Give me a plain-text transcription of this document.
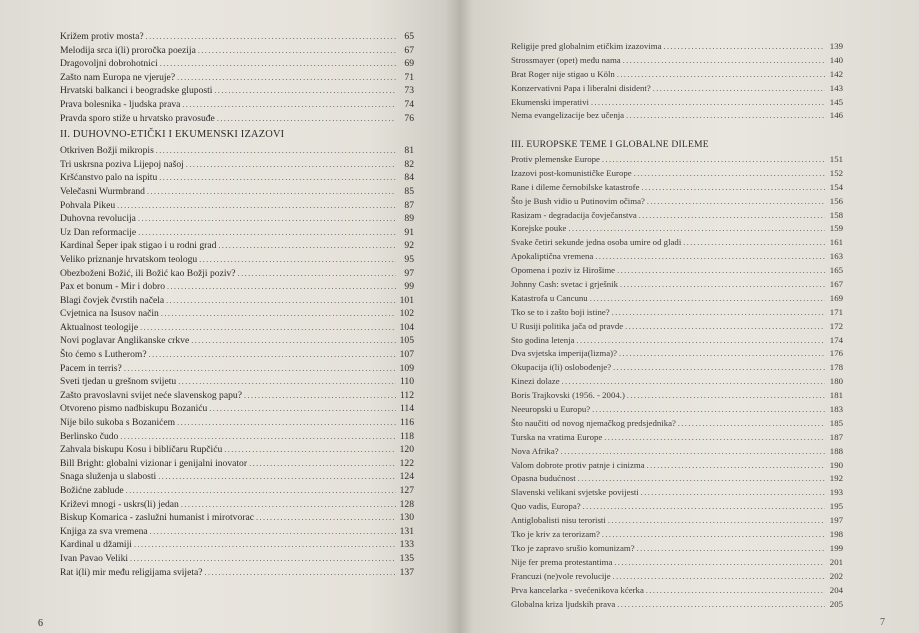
Križem protiv mosta? .....	65
Melodija srca i(li) proročka poezija .....	67
Dragovoljni dobrohotnici .....	69
Zašto nam Europa ne vjeruje? .....	71
Hrvatski balkanci i beogradske gluposti .....	73
Prava bolesnika - ljudska prava .....	74
Pravda sporo stiže u hrvatsko pravosuđe .....	76
II. DUHOVNO-ETIČKI I EKUMENSKI IZAZOVI
Otkriven Božji mikropis .....	81
Tri uskrsna poziva Lijepoj našoj .....	82
Kršćanstvo palo na ispitu .....	84
Velečasni Wurmbrand .....	85
Pohvala Pikeu .....	87
Duhovna revolucija .....	89
Uz Dan reformacije .....	91
Kardinal Šeper ipak stigao i u rodni grad .....	92
Veliko priznanje hrvatskom teologu .....	95
Obezboženi Božić, ili Božić kao Božji poziv? .....	97
Pax et bonum - Mir i dobro .....	99
Blagi čovjek čvrstih načela .....	101
Cvjetnica na Isusov način .....	102
Aktualnost teologije .....	104
Novi poglavar Anglikanske crkve .....	105
Što ćemo s Lutherom? .....	107
Pacem in terris? .....	109
Sveti tjedan u grešnom svijetu .....	110
Zašto pravoslavni svijet neće slavenskog papu? .....	112
Otvoreno pismo nadbiskupu Bozaniću .....	114
Nije bilo sukoba s Bozanićem .....	116
Berlinsko čudo .....	118
Zahvala biskupu Kosu i bibličaru Rupčiću .....	120
Bill Bright: globalni vizionar i genijalni inovator .....	122
Snaga služenja u slabosti .....	124
Božićne zablude .....	127
Križevi mnogi - uskrs(li) jedan .....	128
Biskup Komarica - zaslužni humanist i mirotvorac .....	130
Knjiga za sva vremena .....	131
Kardinal u džamiji .....	133
Ivan Pavao Veliki .....	135
Rat i(li) mir među religijama svijeta? .....	137
6
Religije pred globalnim etičkim izazovima .....	139
Strossmayer (opet) među nama .....	140
Brat Roger nije stigao u Köln .....	142
Konzervativni Papa i liberalni disident? .....	143
Ekumenski imperativi .....	145
Nema evangelizacije bez učenja .....	146
III. EUROPSKE TEME I GLOBALNE DILEME
Protiv plemenske Europe .....	151
Izazovi post-komunističke Europe .....	152
Rane i dileme černobilske katastrofe .....	154
Što je Bush vidio u Putinovim očima? .....	156
Rasizam - degradacija čovječanstva .....	158
Korejske pouke .....	159
Svake četiri sekunde jedna osoba umire od gladi .....	161
Apokaliptična vremena .....	163
Opomena i poziv iz Hirošime .....	165
Johnny Cash: svetac i grješnik .....	167
Katastrofa u Cancunu .....	169
Tko se to i zašto boji istine? .....	171
U Rusiji politika jača od pravde .....	172
Sto godina letenja .....	174
Dva svjetska imperija(lizma)? .....	176
Okupacija i(li) oslobođenje? .....	178
Kinezi dolaze .....	180
Boris Trajkovski (1956. - 2004.) .....	181
Neeuropski u Europu? .....	183
Što naučiti od novog njemačkog predsjednika? .....	185
Turska na vratima Europe .....	187
Nova Afrika? .....	188
Valom dobrote protiv patnje i cinizma .....	190
Opasna budućnost .....	192
Slavenski velikani svjetske povijesti .....	193
Quo vadis, Europa? .....	195
Antiglobalisti nisu teroristi .....	197
Tko je kriv za terorizam? .....	198
Tko je zapravo srušio komunizam? .....	199
Nije fer prema protestantima .....	201
Francuzi (ne)vole revolucije .....	202
Prva kancelarka - svećenikova kćerka .....	204
Globalna kriza ljudskih prava .....	205
7
